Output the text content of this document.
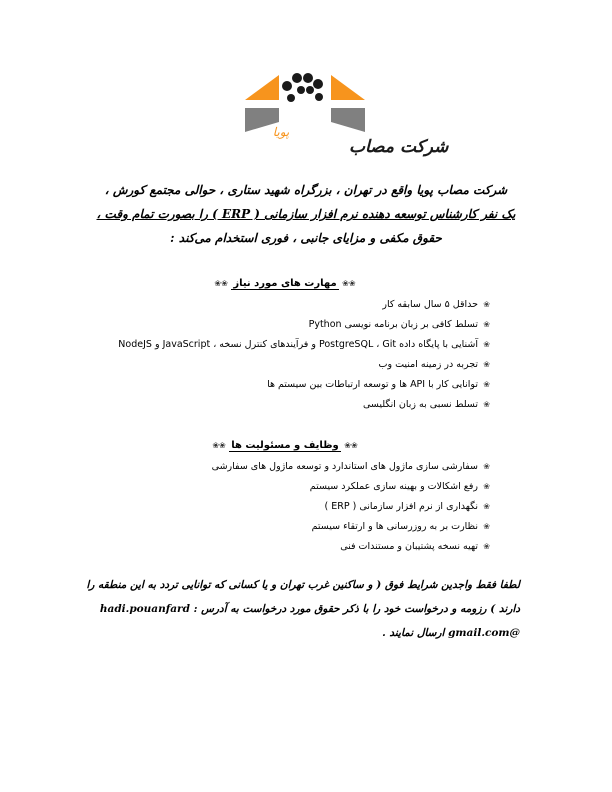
شرکت مصاب
پویا
شرکت مصاب پویا واقع در تهران ، بزرگراه شهید ستاری ، حوالی مجتمع کورش ،
یک نفر کارشناس توسعه دهنده نرم افزار سازمانی ( ERP ) را بصورت تمام وقت ،
حقوق مکفی و مزایای جانبی ، فوری استخدام می‌کند :
❀❀ مهارت های مورد نیاز ❀❀
❀
حداقل ۵ سال سابقه کار
❀
تسلط کافی بر زبان برنامه نویسی Python
❀
آشنایی با پایگاه داده PostgreSQL ، Git و فرآیندهای کنترل نسخه ، JavaScript و NodeJS
❀
تجربه در زمینه امنیت وب
❀
توانایی کار با API ها و توسعه ارتباطات بین سیستم ها
❀
تسلط نسبی به زبان انگلیسی
❀❀ وظایف و مسئولیت ها ❀❀
❀
سفارشی سازی ماژول های استاندارد و توسعه ماژول های سفارشی
❀
رفع اشکالات و بهینه سازی عملکرد سیستم
❀
نگهداری از نرم افزار سازمانی ( ERP )
❀
نظارت بر به روزرسانی ها و ارتقاء سیستم
❀
تهیه نسخه پشتیبان و مستندات فنی
لطفا فقط واجدین شرایط فوق ( و ساکنین غرب تهران و یا کسانی که توانایی تردد به این منطقه را
دارند ) رزومه و درخواست خود را با ذکر حقوق مورد درخواست به آدرس : hadi.pouanfard
@gmail.com ارسال نمایند .
